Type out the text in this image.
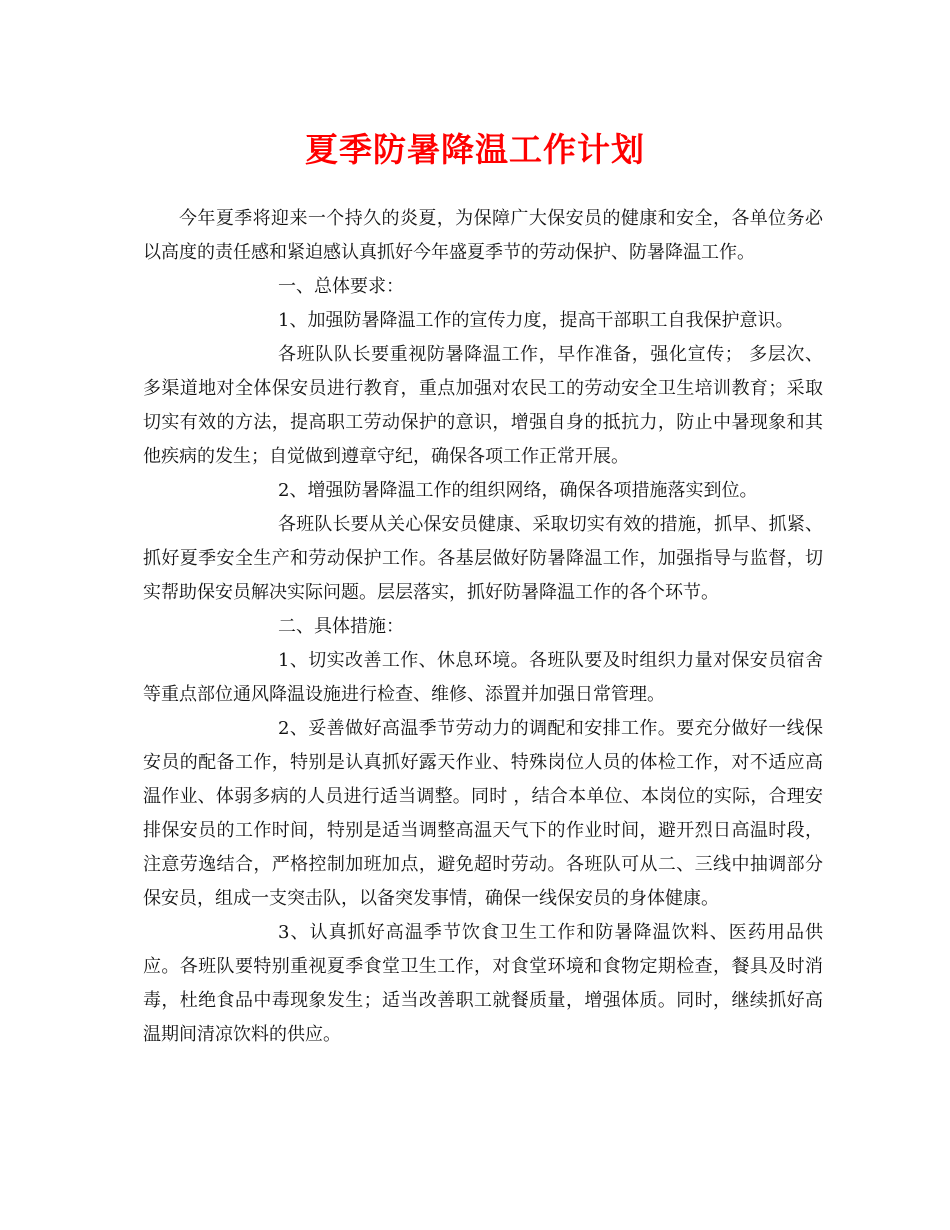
夏季防暑降温工作计划

今年夏季将迎来一个持久的炎夏，为保障广大保安员的健康和安全，各单位务必以高度的责任感和紧迫感认真抓好今年盛夏季节的劳动保护、防暑降温工作。

一、总体要求：

1、加强防暑降温工作的宣传力度，提高干部职工自我保护意识。

各班队队长要重视防暑降温工作，早作准备，强化宣传； 多层次、多渠道地对全体保安员进行教育，重点加强对农民工的劳动安全卫生培训教育；采取切实有效的方法，提高职工劳动保护的意识，增强自身的抵抗力，防止中暑现象和其他疾病的发生；自觉做到遵章守纪，确保各项工作正常开展。

2、增强防暑降温工作的组织网络，确保各项措施落实到位。

各班队长要从关心保安员健康、采取切实有效的措施，抓早、抓紧、抓好夏季安全生产和劳动保护工作。各基层做好防暑降温工作，加强指导与监督，切实帮助保安员解决实际问题。层层落实，抓好防暑降温工作的各个环节。

二、具体措施：

1、切实改善工作、休息环境。各班队要及时组织力量对保安员宿舍等重点部位通风降温设施进行检查、维修、添置并加强日常管理。

2、妥善做好高温季节劳动力的调配和安排工作。要充分做好一线保安员的配备工作，特别是认真抓好露天作业、特殊岗位人员的体检工作，对不适应高温作业、体弱多病的人员进行适当调整。同时 ，结合本单位、本岗位的实际，合理安排保安员的工作时间，特别是适当调整高温天气下的作业时间，避开烈日高温时段，注意劳逸结合，严格控制加班加点，避免超时劳动。各班队可从二、三线中抽调部分保安员，组成一支突击队，以备突发事情，确保一线保安员的身体健康。

3、认真抓好高温季节饮食卫生工作和防暑降温饮料、医药用品供应。各班队要特别重视夏季食堂卫生工作，对食堂环境和食物定期检查，餐具及时消毒，杜绝食品中毒现象发生；适当改善职工就餐质量，增强体质。同时，继续抓好高温期间清凉饮料的供应。
